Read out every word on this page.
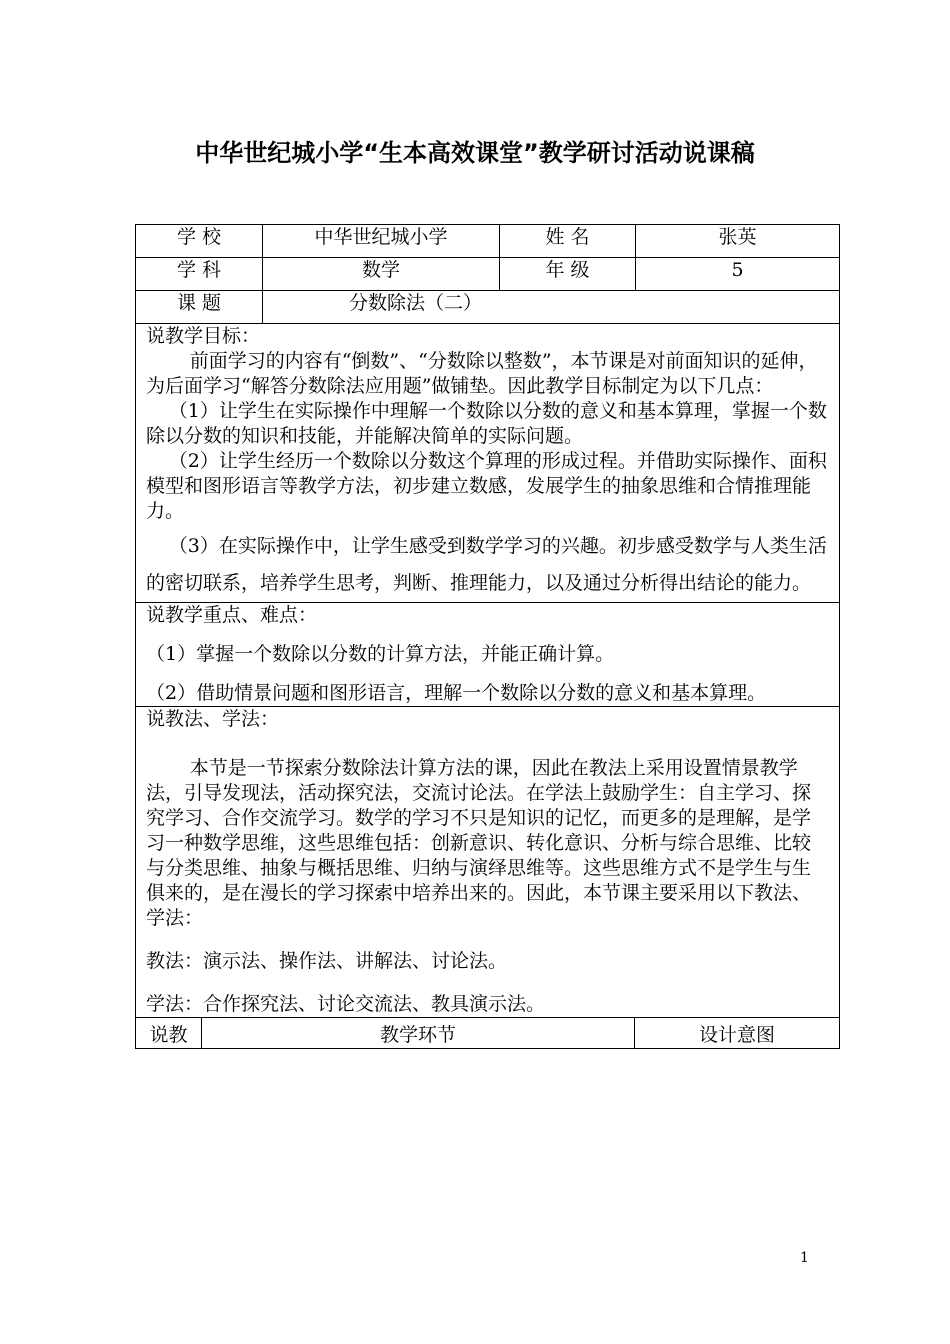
中华世纪城小学“生本高效课堂”教学研讨活动说课稿
学 校	中华世纪城小学	姓 名	张英
学 科	数学	年 级	5
课 题	分数除法（二）		

说教学目标：

前面学习的内容有“倒数”、“分数除以整数”，本节课是对前面知识的延伸，为后面学习“解答分数除法应用题”做铺垫。因此教学目标制定为以下几点：

（1）让学生在实际操作中理解一个数除以分数的意义和基本算理，掌握一个数除以分数的知识和技能，并能解决简单的实际问题。

（2）让学生经历一个数除以分数这个算理的形成过程。并借助实际操作、面积模型和图形语言等教学方法，初步建立数感，发展学生的抽象思维和合情推理能力。

（3）在实际操作中，让学生感受到数学学习的兴趣。初步感受数学与人类生活的密切联系，培养学生思考，判断、推理能力，以及通过分析得出结论的能力。			

说教学重点、难点：

（1）掌握一个数除以分数的计算方法，并能正确计算。

（2）借助情景问题和图形语言，理解一个数除以分数的意义和基本算理。			

说教法、学法：

本节是一节探索分数除法计算方法的课，因此在教法上采用设置情景教学法，引导发现法，活动探究法，交流讨论法。在学法上鼓励学生：自主学习、探究学习、合作交流学习。数学的学习不只是知识的记忆，而更多的是理解，是学习一种数学思维，这些思维包括：创新意识、转化意识、分析与综合思维、比较与分类思维、抽象与概括思维、归纳与演绎思维等。这些思维方式不是学生与生俱来的，是在漫长的学习探索中培养出来的。因此，本节课主要采用以下教法、学法：

教法：演示法、操作法、讲解法、讨论法。

学法：合作探究法、讨论交流法、教具演示法。			

说教	教学环节	设计意图
1
